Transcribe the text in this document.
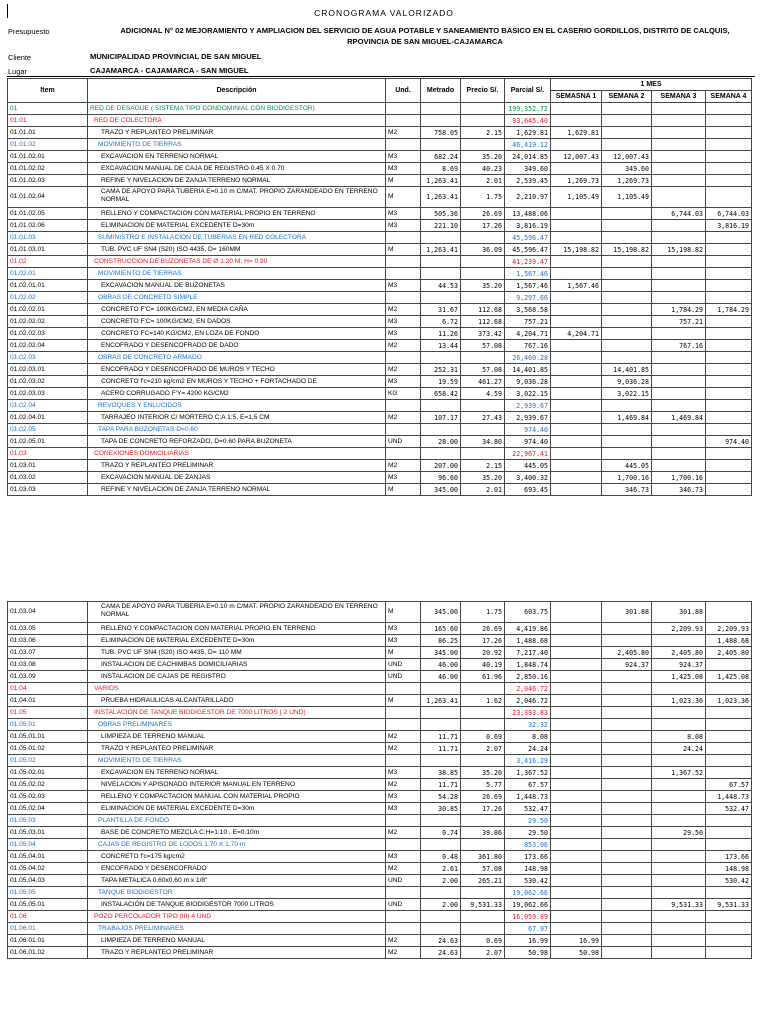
CRONOGRAMA VALORIZADO
Presupuesto	ADICIONAL N° 02 MEJORAMIENTO Y AMPLIACION DEL SERVICIO DE AGUA POTABLE Y SANEAMIENTO BASICO EN EL CASERIO GORDILLOS, DISTRITO DE CALQUIS,
RPOVINCIA DE SAN MIGUEL-CAJAMARCA
Cliente	MUNICIPALIDAD PROVINCIAL DE SAN MIGUEL
Lugar	CAJAMARCA - CAJAMARCA - SAN MIGUEL
Item	Descripción	Und.	Metrado	Precio S/.	Parcial S/.	1 MES			
						SEMASNA 1	SEMANA 2	SEMANA 3	SEMANA 4
01	RED DE DESAGUE ( SISTEMA TIPO CONDOMINIAL CON BIODIGESTOR)				199,352.72				
01.01	RED DE COLECTORA				93,645.40				
01.01.01	TRAZO Y REPLANTEO PRELIMINAR	M2	758.05	2.15	1,629.81	1,629.81			
01.01.02	MOVIMIENTO DE TIERRAS				46,419.12				
01.01.02.01	EXCAVACION EN TERRENO NORMAL	M3	682.24	35.20	24,014.85	12,007.43	12,007.43		
01.01.02.02	EXCAVACION MANUAL DE CAJA DE REGISTRO 0.45 X 0.70	M3	8.69	40.23	349.60		349.60		
01.01.02.03	REFINE Y NIVELACION DE ZANJA TERRENO NORMAL	M	1,263.41	2.01	2,539.45	1,269.73	1,269.73		
01.01.02.04	CAMA DE APOYO PARA TUBERIA E=0.10 m C/MAT. PROPIO ZARANDEADO EN TERRENO NORMAL	M	1,263.41	1.75	2,210.97	1,105.49	1,105.49		
01.01.02.05	RELLENO Y COMPACTACION CON MATERIAL PROPIO EN TERRENO	M3	505.36	26.69	13,488.06			6,744.03	6,744.03
01.01.02.06	ELIMINACION DE MATERIAL EXCEDENTE D=30m	M3	221.10	17.26	3,816.19				3,816.19
01.01.03	SUMINISTRO E INSTALACIÓN DE TUBERIAS EN RED COLECTORA				45,596.47				
01.01.03.01	TUB. PVC UF SN4 (S20) ISO 4435, D= 160MM	M	1,263.41	36.09	45,596.47	15,198.82	15,198.82	15,198.82	
01.02	CONSTRUCCION DE BUZONETAS DE Ø 1.20 M; H= 0.90				41,239.47				
01.02.01	MOVIMIENTO DE TIERRAS				1,567.46				
01.02.01.01	EXCAVACION MANUAL DE BUZONETAS	M3	44.53	35.20	1,567.46	1,567.46			
01.02.02	OBRAS DE CONCRETO SIMPLE				9,297.66				
01.02.02.01	CONCRETO F'C= 100KG/CM2, EN MEDIA CAÑA	M2	31.67	112.68	3,568.58			1,784.29	1,784.29
01.02.02.02	CONCRETO F'C= 100KG/CM2, EN DADOS	M3	6.72	112.68	757.21			757.21	
01.02.02.03	CONCRETO FC=140 KG/CM2, EN LOZA DE FONDO	M3	11.26	373.42	4,204.71	4,204.71			
01.02.02.04	ENCOFRADO Y DESENCOFRADO DE DADO	M2	13.44	57.08	767.16			767.16	
01.02.03	OBRAS DE CONCRETO ARMADO				26,460.28				
01.02.03.01	ENCOFRADO Y DESENCOFRADO DE MUROS Y TECHO	M2	252.31	57.08	14,401.85		14,401.85		
01.02.03.02	CONCRETO f'c=210 kg/cm2 EN MUROS Y TECHO + FORTACHADO DE	M3	19.59	461.27	9,036.28		9,036.28		
01.02.03.03	ACERO CORRUGADO F'Y= 4200 KG/CM2	KG	658.42	4.59	3,022.15		3,022.15		
01.02.04	REVOQUES Y ENLUCIDOS				2,939.67				
01.02.04.01	TARRAJEO INTERIOR C/ MORTERO C:A 1:5, E=1,5 CM	M2	107.17	27.43	2,939.67		1,469.84	1,469.84	
01.02.05	TAPA PARA BUZONETAS D=0.60				974.40				
01.02.05.01	TAPA DE CONCRETO REFORZADO, D=0.60 PARA BUZONETA	UND	28.00	34.80	974.40				974.40
01.03	CONEXIONES DOMICILIARIAS				22,967.41				
01.03.01	TRAZO Y REPLANTEO PRELIMINAR	M2	207.00	2.15	445.05		445.05		
01.03.02	EXCAVACION MANUAL DE ZANJAS	M3	96.60	35.20	3,400.32		1,700.16	1,700.16	
01.03.03	REFINE Y NIVELACION DE ZANJA TERRENO NORMAL	M	345.00	2.01	693.45		346.73	346.73	
01.03.04	CAMA DE APOYO PARA TUBERIA E=0.10 m C/MAT. PROPIO ZARANDEADO EN TERRENO NORMAL	M	345.00	1.75	603.75		301.88	301.88	
01.03.05	RELLENO Y COMPACTACION CON MATERIAL PROPIO EN TERRENO	M3	165.60	26.69	4,419.86			2,209.93	2,209.93
01.03.06	ELIMINACION DE MATERIAL EXCEDENTE D=30m	M3	86.25	17.26	1,488.68				1,488.68
01.03.07	TUB. PVC UF SN4 (S20) ISO 4435, D= 110 MM	M	345.00	20.92	7,217.40		2,405.80	2,405.80	2,405.80
01.03.08	INSTALACION DE CACHIMBAS DOMICILIARIAS	UND	46.00	40.19	1,848.74		924.37	924.37	
01.03.09	INSTALACION DE CAJAS DE REGISTRO	UND	46.00	61.96	2,850.16			1,425.08	1,425.08
01.04	VARIOS				2,046.72				
01.04.01	PRUEBA HIDRAULICAS ALCANTARILLADO	M	1,263.41	1.62	2,046.72			1,023.36	1,023.36
01.05	INSTALACIÓN DE TANQUE BIODIGESTOR DE 7000 LITROS ( 2 UND)				23,393.83				
01.05.01	OBRAS PRELIMINARES				32.32				
01.05.01.01	LIMPIEZA DE TERRENO MANUAL	M2	11.71	0.69	8.08			8.08	
01.05.01.02	TRAZO Y REPLANTEO PRELIMINAR	M2	11.71	2.07	24.24			24.24	
01.05.02	MOVIMIENTO DE TIERRAS				3,416.29				
01.05.02.01	EXCAVACION EN TERRENO NORMAL	M3	38.85	35.20	1,367.52			1,367.52	
01.05.02.02	NIVELACION Y APISONADO INTERIOR MANUAL EN TERRENO	M2	11.71	5.77	67.57				67.57
01.05.02.03	RELLENO Y COMPACTACION MANUAL CON MATERIAL PROPIO	M3	54.28	26.69	1,448.73				1,448.73
01.05.02.04	ELIMINACION DE MATERIAL EXCEDENTE D=30m	M3	30.85	17.26	532.47				532.47
01.05.03	PLANTILLA DE FONDO				29.50				
01.05.03.01	BASE DE CONCRETO MEZCLA C:H=1:10 , E=0.10m	M2	0.74	39.86	29.50			29.50	
01.05.04	CAJAS DE REGISTRO DE LODOS 1.70 X 1.70 m				853.06				
01.05.04.01	CONCRETO f'c=175 kg/cm2	M3	0.48	361.80	173.66				173.66
01.05.04.02	ENCOFRADO Y DESENCOFRADO	M2	2.61	57.08	148.98				148.98
01.05.04.03	TAPA METALICA 0.60x0.60 m x 1/8"	UND	2.00	265.21	530.42				530.42
01.05.05	TANQUE BIODIGESTOR				19,062.66				
01.05.05.01	INSTALACIÓN DE TANQUE BIODIGESTOR 7000 LITROS	UND	2.00	9,531.33	19,062.66			9,531.33	9,531.33
01.06	POZO PERCOLADOR TIPO (III) 4 UND				16,059.89				
01.06.01	TRABAJOS PRELIMINARES				67.97				
01.06.01.01	LIMPIEZA DE TERRENO MANUAL	M2	24.63	0.69	16.99	16.99			
01.06.01.02	TRAZO Y REPLANTEO PRELIMINAR	M2	24.63	2.07	50.98	50.98			
